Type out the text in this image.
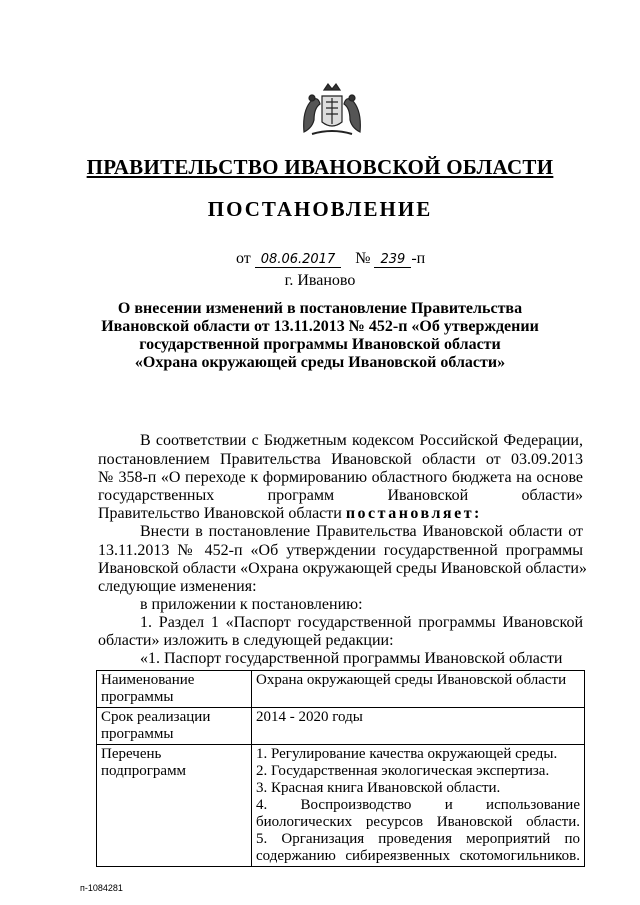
ПРАВИТЕЛЬСТВО ИВАНОВСКОЙ ОБЛАСТИ
ПОСТАНОВЛЕНИЕ
от 08.06.2017 № 239 -п
г. Иваново
О внесении изменений в постановление Правительства
Ивановской области от 13.11.2013 № 452-п «Об утверждении
государственной программы Ивановской области
«Охрана окружающей среды Ивановской области»
В соответствии с Бюджетным кодексом Российской Федерации,
постановлением Правительства Ивановской области от 03.09.2013
№ 358-п «О переходе к формированию областного бюджета на основе
государственных программ Ивановской области»
Правительство Ивановской области постановляет:
Внести в постановление Правительства Ивановской области от
13.11.2013 № 452-п «Об утверждении государственной программы
Ивановской области «Охрана окружающей среды Ивановской области»
следующие изменения:
в приложении к постановлению:
1. Раздел 1 «Паспорт государственной программы Ивановской
области» изложить в следующей редакции:
«1. Паспорт государственной программы Ивановской области
Наименование программы	Охрана окружающей среды Ивановской области

Срок реализации программы	2014 - 2020 годы

Перечень подпрограмм	1. Регулирование качества окружающей среды.
2. Государственная экологическая экспертиза.
3. Красная книга Ивановской области.
4. Воспроизводство и использование биологических ресурсов Ивановской области.
5. Организация проведения мероприятий по содержанию сибиреязвенных скотомогильников.
п-1084281
